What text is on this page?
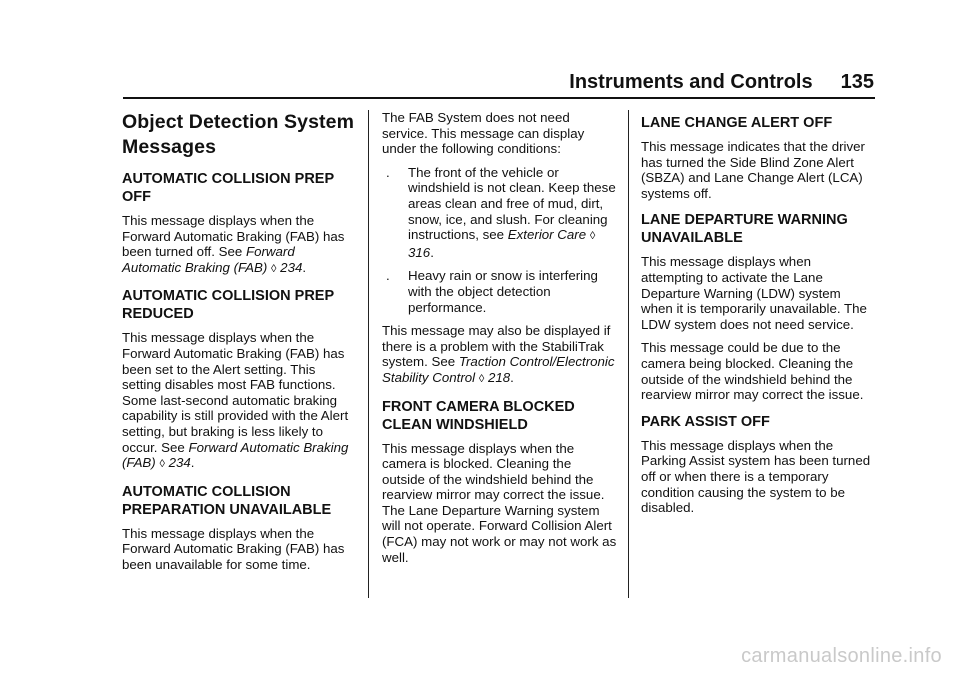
Instruments and Controls 135
Object Detection System Messages
AUTOMATIC COLLISION PREP OFF

This message displays when the Forward Automatic Braking (FAB) has been turned off. See Forward Automatic Braking (FAB) ◊ 234.

AUTOMATIC COLLISION PREP REDUCED

This message displays when the Forward Automatic Braking (FAB) has been set to the Alert setting. This setting disables most FAB functions. Some last-second automatic braking capability is still provided with the Alert setting, but braking is less likely to occur. See Forward Automatic Braking (FAB) ◊ 234.

AUTOMATIC COLLISION PREPARATION UNAVAILABLE

This message displays when the Forward Automatic Braking (FAB) has been unavailable for some time.

The FAB System does not need service. This message can display under the following conditions:

. The front of the vehicle or windshield is not clean. Keep these areas clean and free of mud, dirt, snow, ice, and slush. For cleaning instructions, see Exterior Care ◊ 316.
. Heavy rain or snow is interfering with the object detection performance.

This message may also be displayed if there is a problem with the StabiliTrak system. See Traction Control/Electronic Stability Control ◊ 218.

FRONT CAMERA BLOCKED CLEAN WINDSHIELD

This message displays when the camera is blocked. Cleaning the outside of the windshield behind the rearview mirror may correct the issue. The Lane Departure Warning system will not operate. Forward Collision Alert (FCA) may not work or may not work as well.

LANE CHANGE ALERT OFF

This message indicates that the driver has turned the Side Blind Zone Alert (SBZA) and Lane Change Alert (LCA) systems off.

LANE DEPARTURE WARNING UNAVAILABLE

This message displays when attempting to activate the Lane Departure Warning (LDW) system when it is temporarily unavailable. The LDW system does not need service.

This message could be due to the camera being blocked. Cleaning the outside of the windshield behind the rearview mirror may correct the issue.

PARK ASSIST OFF

This message displays when the Parking Assist system has been turned off or when there is a temporary condition causing the system to be disabled.

carmanualsonline.info
